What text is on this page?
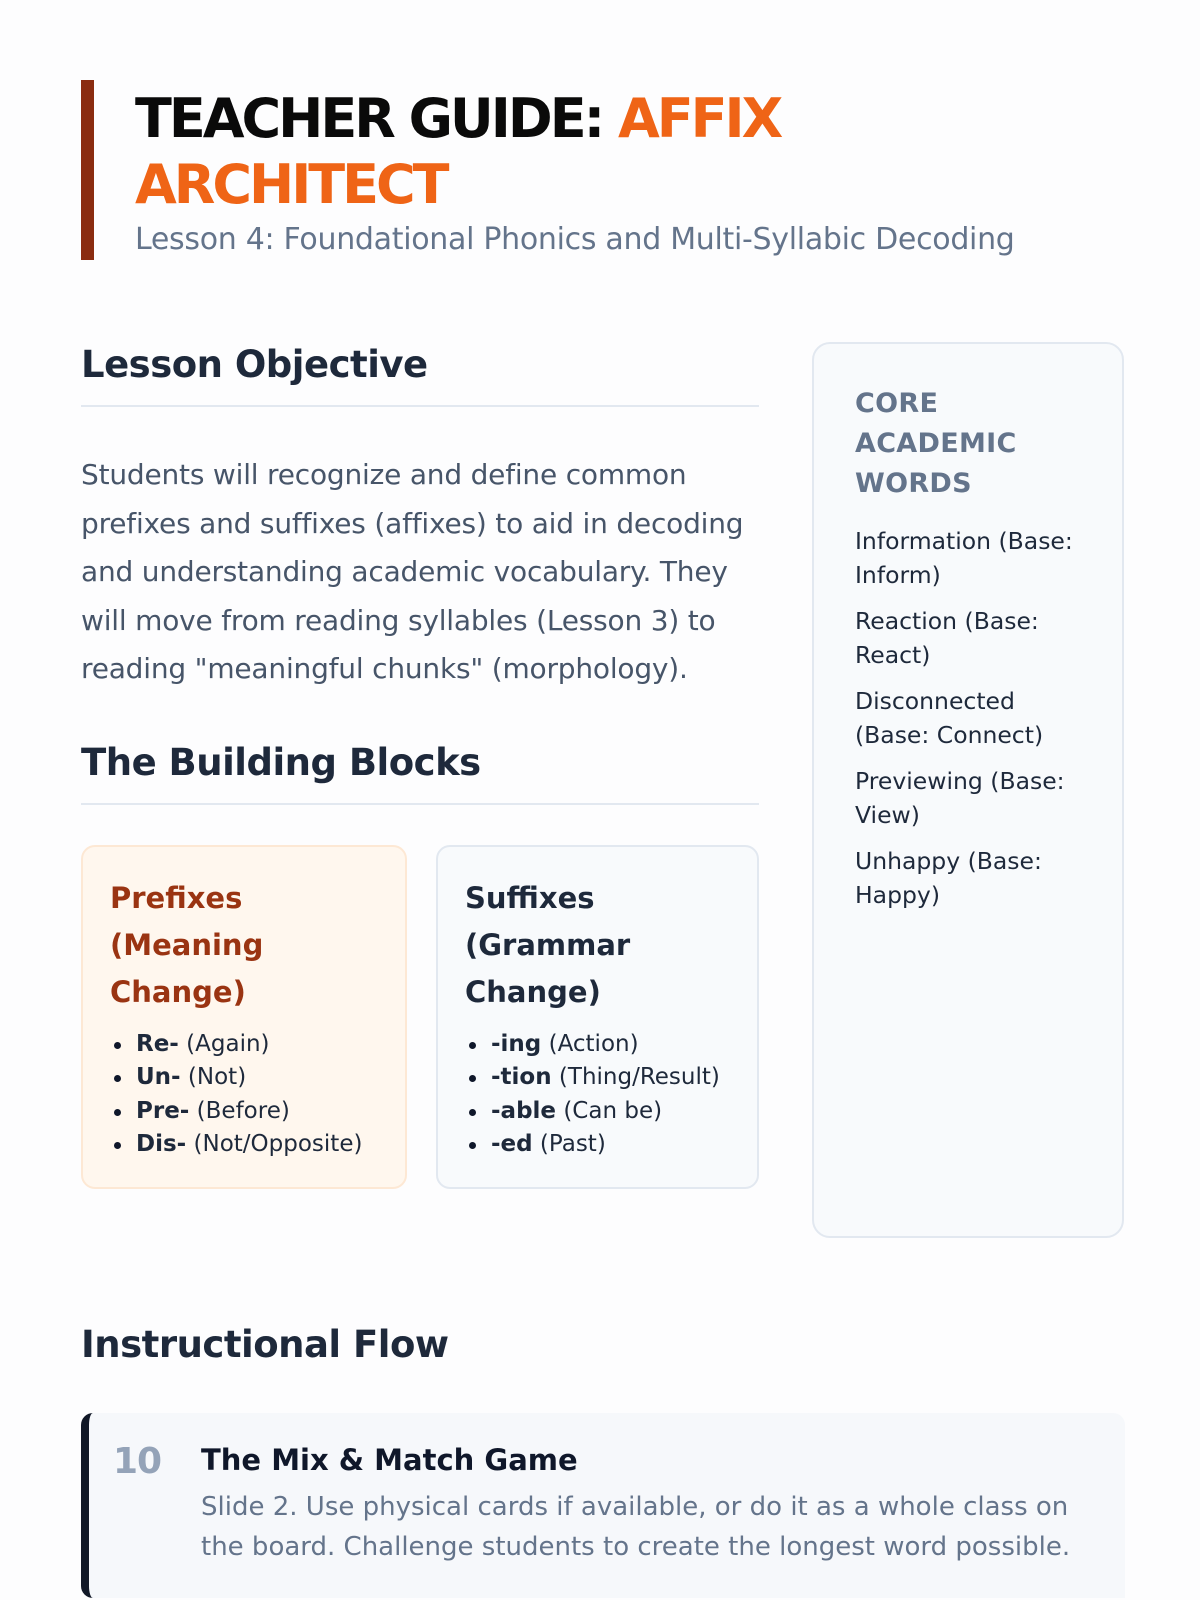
TEACHER GUIDE: AFFIX ARCHITECT

Lesson 4: Foundational Phonics and Multi-Syllabic Decoding

Lesson Objective

Students will recognize and define common prefixes and suffixes (affixes) to aid in decoding and understanding academic vocabulary. They will move from reading syllables (Lesson 3) to reading "meaningful chunks" (morphology).

The Building Blocks
Prefixes (Meaning Change)
Re- (Again)
Un- (Not)
Pre- (Before)
Dis- (Not/Opposite)
Suffixes (Grammar Change)
-ing (Action)
-tion (Thing/Result)
-able (Can be)
-ed (Past)
CORE ACADEMIC WORDS
Information (Base: Inform)
Reaction (Base: React)
Disconnected (Base: Connect)
Previewing (Base: View)
Unhappy (Base: Happy)
Instructional Flow
10 The Mix & Match Game

Slide 2. Use physical cards if available, or do it as a whole class on the board. Challenge students to create the longest word possible.
